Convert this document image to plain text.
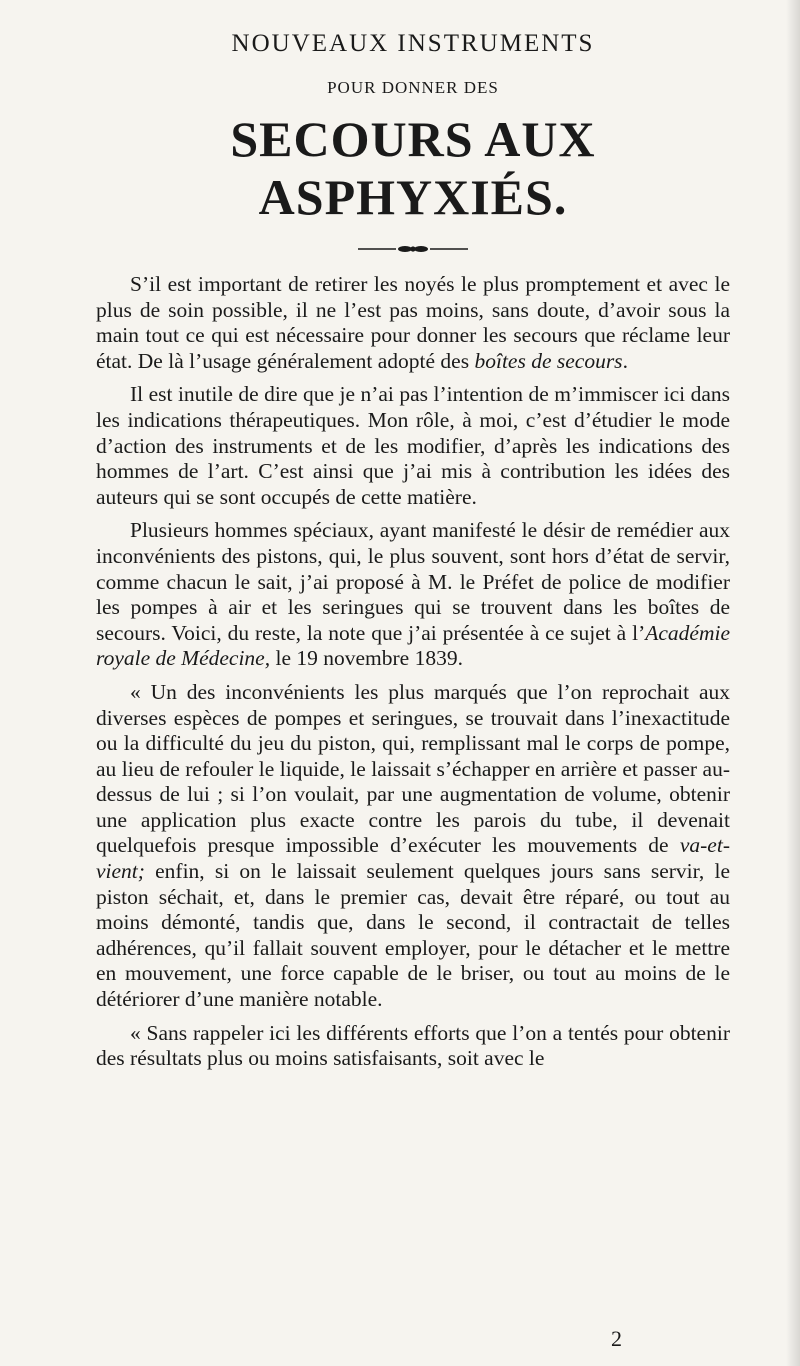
NOUVEAUX INSTRUMENTS
POUR DONNER DES
SECOURS AUX ASPHYXIÉS.

S’il est important de retirer les noyés le plus promptement et avec le plus de soin possible, il ne l’est pas moins, sans doute, d’avoir sous la main tout ce qui est nécessaire pour donner les secours que réclame leur état. De là l’usage généralement adopté des boîtes de secours.

Il est inutile de dire que je n’ai pas l’intention de m’immiscer ici dans les indications thérapeutiques. Mon rôle, à moi, c’est d’étudier le mode d’action des instruments et de les modifier, d’après les indications des hommes de l’art. C’est ainsi que j’ai mis à contribution les idées des auteurs qui se sont occupés de cette matière.

Plusieurs hommes spéciaux, ayant manifesté le désir de remédier aux inconvénients des pistons, qui, le plus souvent, sont hors d’état de servir, comme chacun le sait, j’ai proposé à M. le Préfet de police de modifier les pompes à air et les seringues qui se trouvent dans les boîtes de secours. Voici, du reste, la note que j’ai présentée à ce sujet à l’Académie royale de Médecine, le 19 novembre 1839.

« Un des inconvénients les plus marqués que l’on reprochait aux diverses espèces de pompes et seringues, se trouvait dans l’inexactitude ou la difficulté du jeu du piston, qui, remplissant mal le corps de pompe, au lieu de refouler le liquide, le laissait s’échapper en arrière et passer au-dessus de lui ; si l’on voulait, par une augmentation de volume, obtenir une application plus exacte contre les parois du tube, il devenait quelquefois presque impossible d’exécuter les mouvements de va-et-vient; enfin, si on le laissait seulement quelques jours sans servir, le piston séchait, et, dans le premier cas, devait être réparé, ou tout au moins démonté, tandis que, dans le second, il contractait de telles adhérences, qu’il fallait souvent employer, pour le détacher et le mettre en mouvement, une force capable de le briser, ou tout au moins de le détériorer d’une manière notable.

« Sans rappeler ici les différents efforts que l’on a tentés pour obtenir des résultats plus ou moins satisfaisants, soit avec le

2
